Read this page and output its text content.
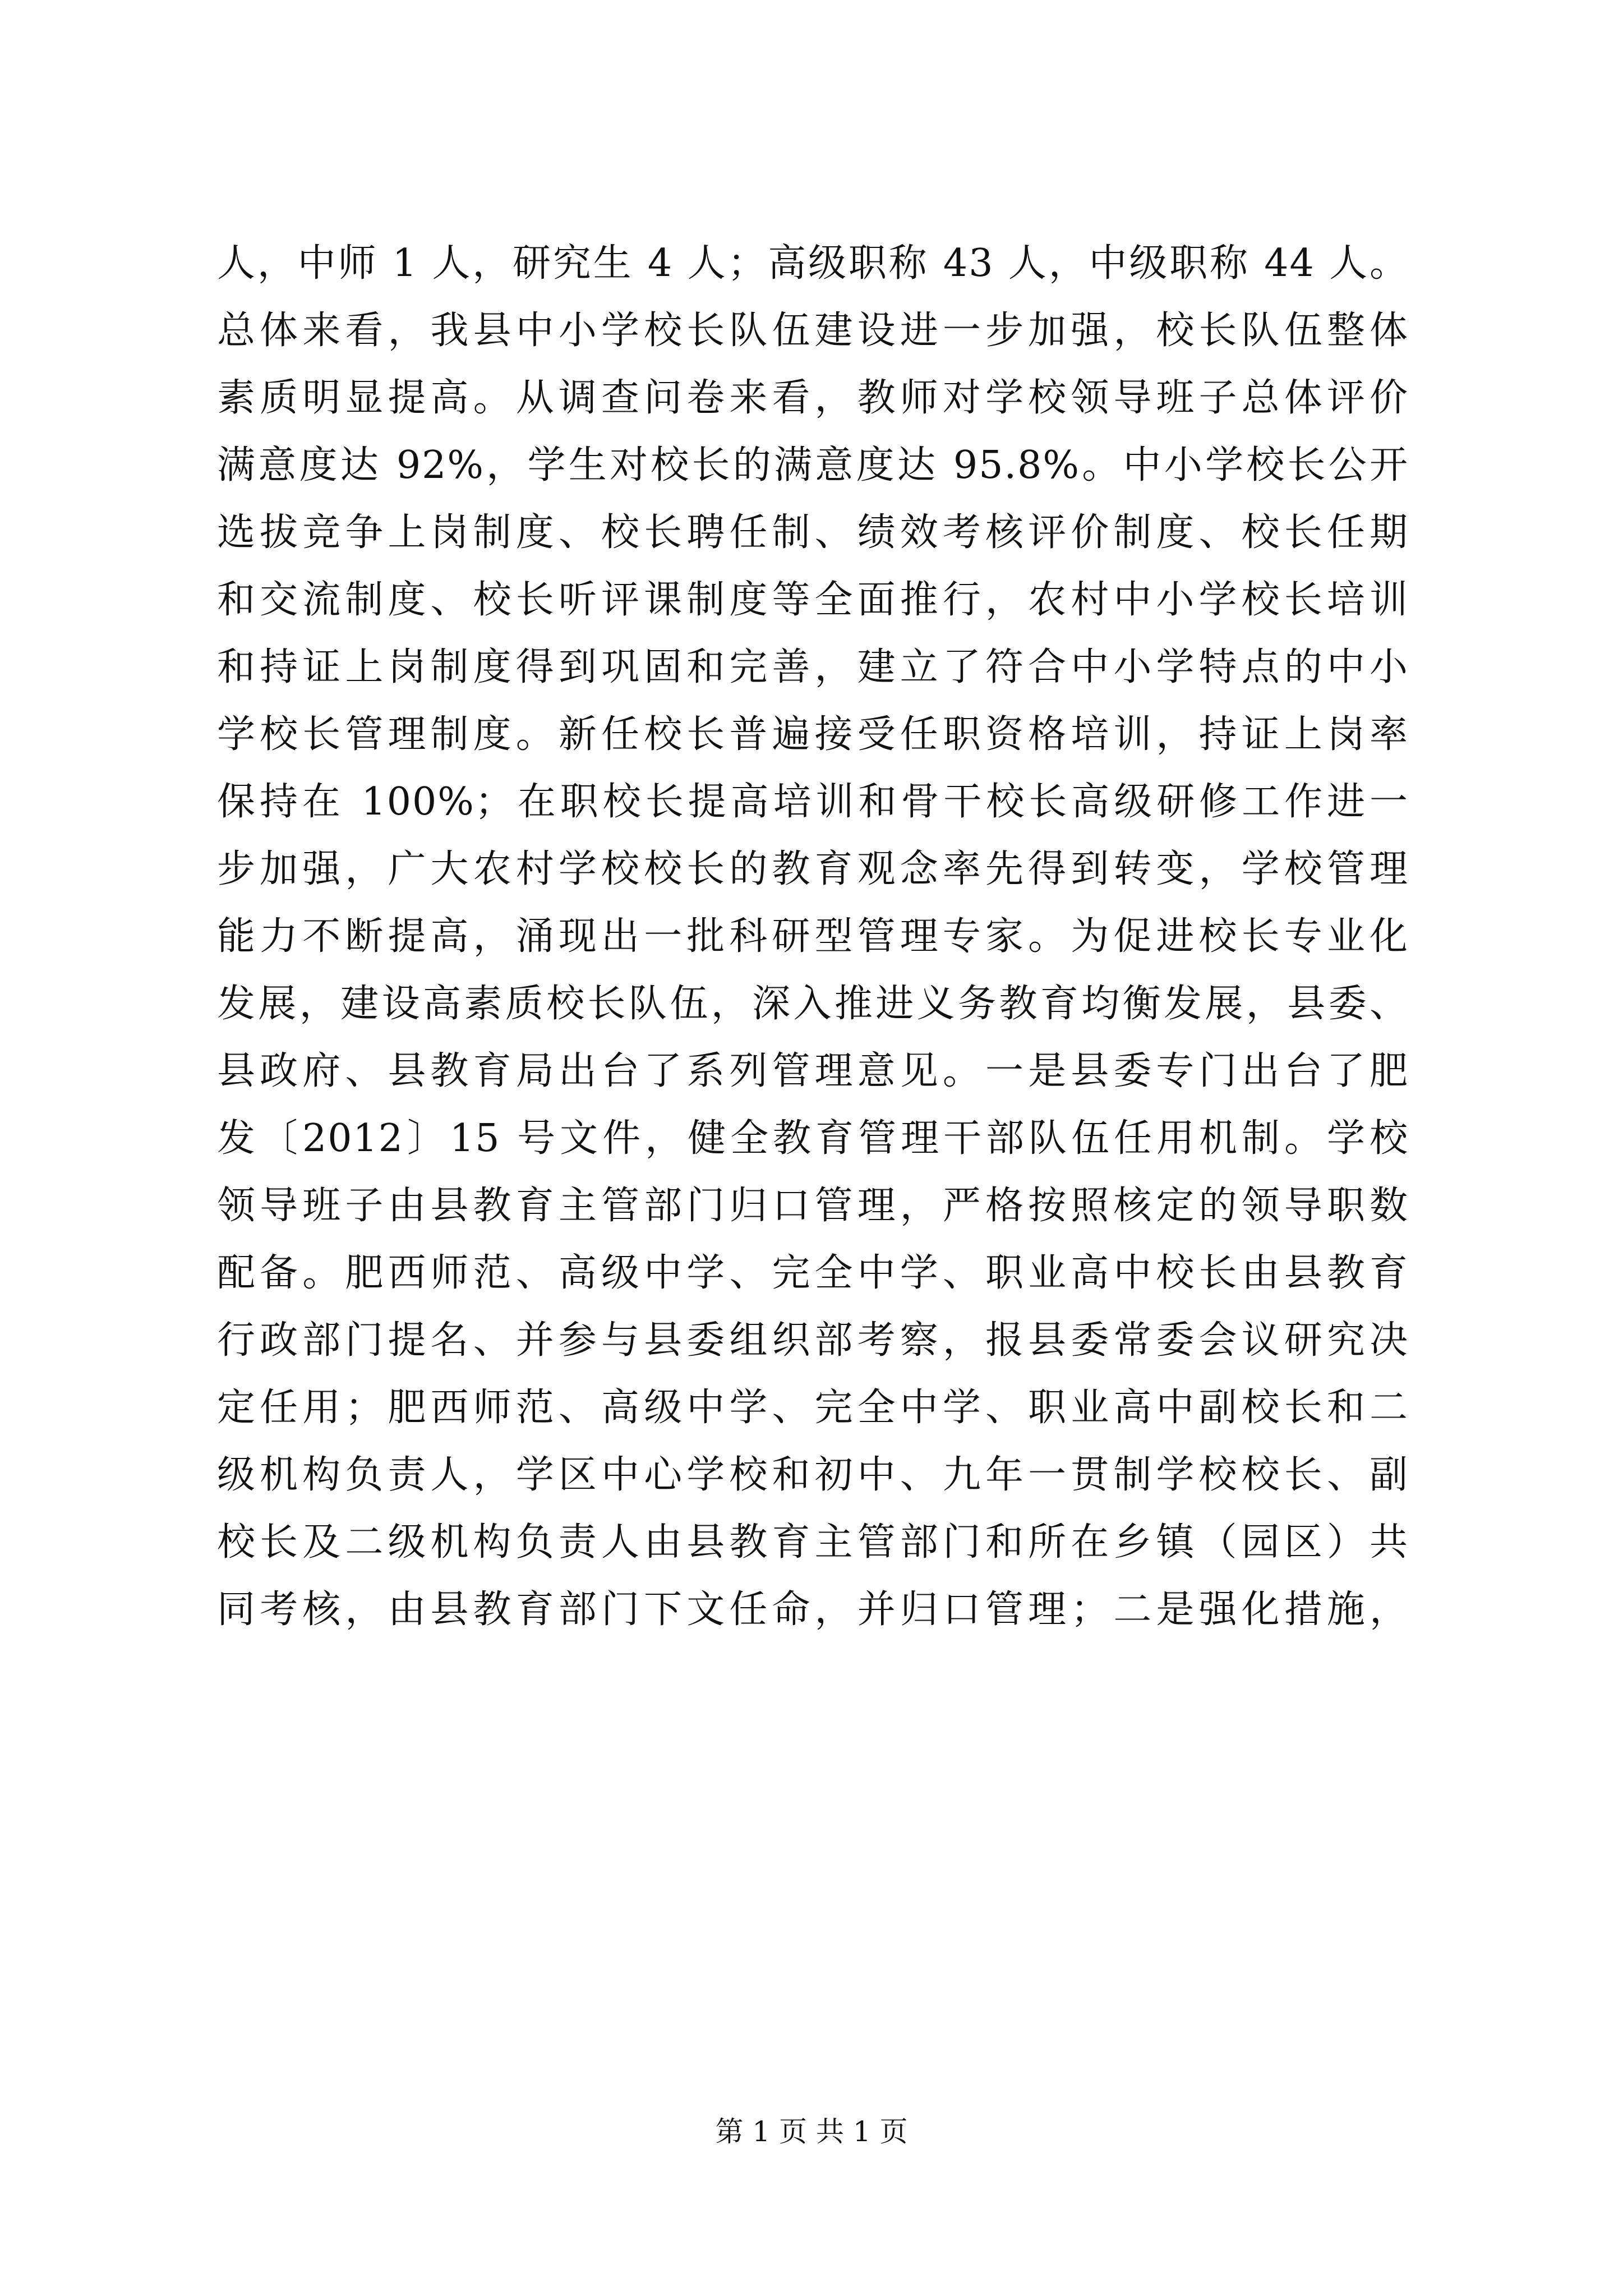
人，中师 1 人，研究生 4 人；高级职称 43 人，中级职称 44 人。
总体来看，我县中小学校长队伍建设进一步加强，校长队伍整体
素质明显提高。从调查问卷来看，教师对学校领导班子总体评价
满意度达 92%，学生对校长的满意度达 95.8%。中小学校长公开
选拔竞争上岗制度、校长聘任制、绩效考核评价制度、校长任期
和交流制度、校长听评课制度等全面推行，农村中小学校长培训
和持证上岗制度得到巩固和完善，建立了符合中小学特点的中小
学校长管理制度。新任校长普遍接受任职资格培训，持证上岗率
保持在 100%；在职校长提高培训和骨干校长高级研修工作进一
步加强，广大农村学校校长的教育观念率先得到转变，学校管理
能力不断提高，涌现出一批科研型管理专家。为促进校长专业化
发展，建设高素质校长队伍，深入推进义务教育均衡发展，县委、
县政府、县教育局出台了系列管理意见。一是县委专门出台了肥
发〔2012〕15 号文件，健全教育管理干部队伍任用机制。学校
领导班子由县教育主管部门归口管理，严格按照核定的领导职数
配备。肥西师范、高级中学、完全中学、职业高中校长由县教育
行政部门提名、并参与县委组织部考察，报县委常委会议研究决
定任用；肥西师范、高级中学、完全中学、职业高中副校长和二
级机构负责人，学区中心学校和初中、九年一贯制学校校长、副
校长及二级机构负责人由县教育主管部门和所在乡镇（园区）共
同考核，由县教育部门下文任命，并归口管理；二是强化措施，
第 1 页 共 1 页
